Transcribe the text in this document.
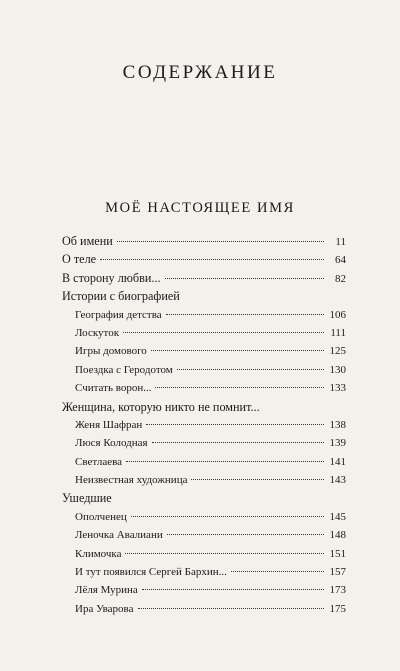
СОДЕРЖАНИЕ
МОЁ НАСТОЯЩЕЕ ИМЯ
Об имени	11
О теле	64
В сторону любви...	82
Истории с биографией
География детства	106
Лоскуток	111
Игры домового	125
Поездка с Геродотом	130
Считать ворон...	133
Женщина, которую никто не помнит...
Женя Шафран	138
Люся Колодная	139
Светлаева	141
Неизвестная художница	143
Ушедшие
Ополченец	145
Леночка Авалиани	148
Климочка	151
И тут появился Сергей Бархин...	157
Лёля Мурина	173
Ира Уварова	175
